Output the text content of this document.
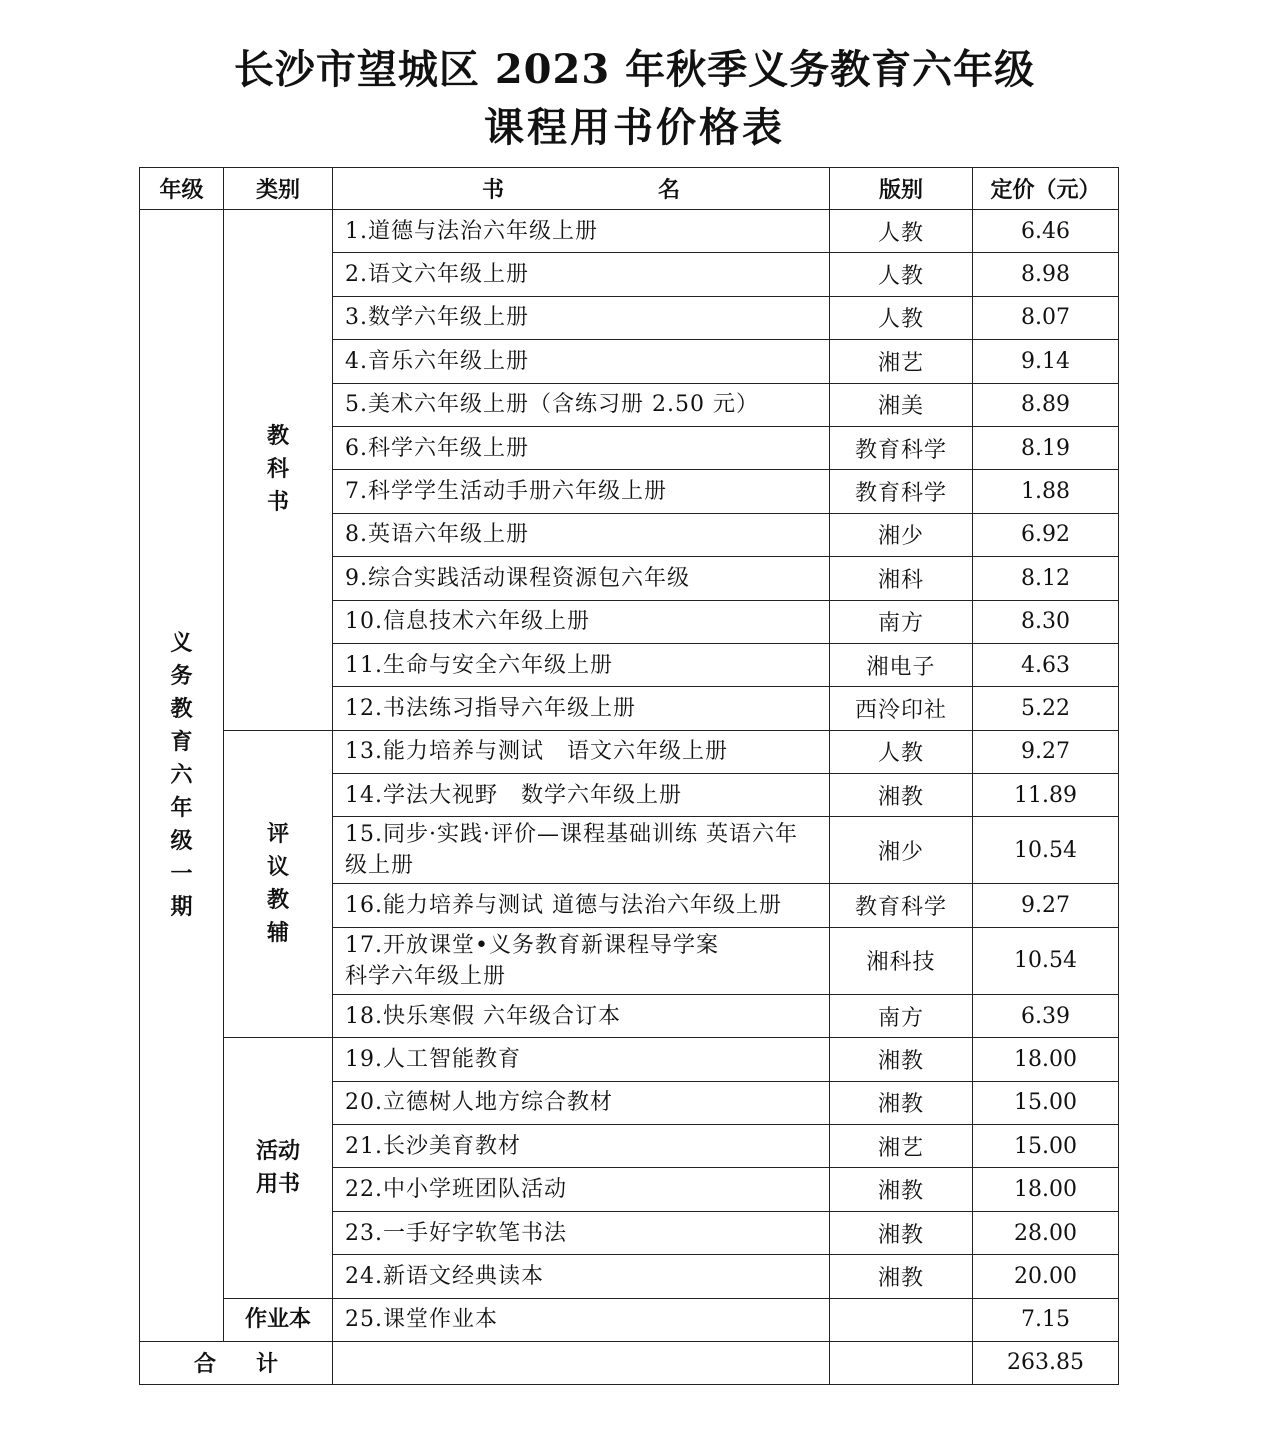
长沙市望城区 2023 年秋季义务教育六年级
课程用书价格表
年级	类别	书　　　　　　　名	版别	定价（元）
义务教育六年级一期	教科书	1.道德与法治六年级上册	人教	6.46

		2.语文六年级上册	人教	8.98

		3.数学六年级上册	人教	8.07

		4.音乐六年级上册	湘艺	9.14

		5.美术六年级上册（含练习册 2.50 元）	湘美	8.89

		6.科学六年级上册	教育科学	8.19

		7.科学学生活动手册六年级上册	教育科学	1.88

		8.英语六年级上册	湘少	6.92

		9.综合实践活动课程资源包六年级	湘科	8.12

		10.信息技术六年级上册	南方	8.30

		11.生命与安全六年级上册	湘电子	4.63

		12.书法练习指导六年级上册	西泠印社	5.22
	评议教辅	13.能力培养与测试　语文六年级上册	人教	9.27

		14.学法大视野　数学六年级上册	湘教	11.89

		15.同步·实践·评价—课程基础训练 英语六年级上册	湘少	10.54

		16.能力培养与测试 道德与法治六年级上册	教育科学	9.27

		17.开放课堂•义务教育新课程导学案
科学六年级上册	湘科技	10.54

		18.快乐寒假 六年级合订本	南方	6.39
	活动用书	19.人工智能教育	湘教	18.00

		20.立德树人地方综合教材	湘教	15.00

		21.长沙美育教材	湘艺	15.00

		22.中小学班团队活动	湘教	18.00

		23.一手好字软笔书法	湘教	28.00

		24.新语文经典读本	湘教	20.00
	作业本	25.课堂作业本		7.15
合计				263.85
